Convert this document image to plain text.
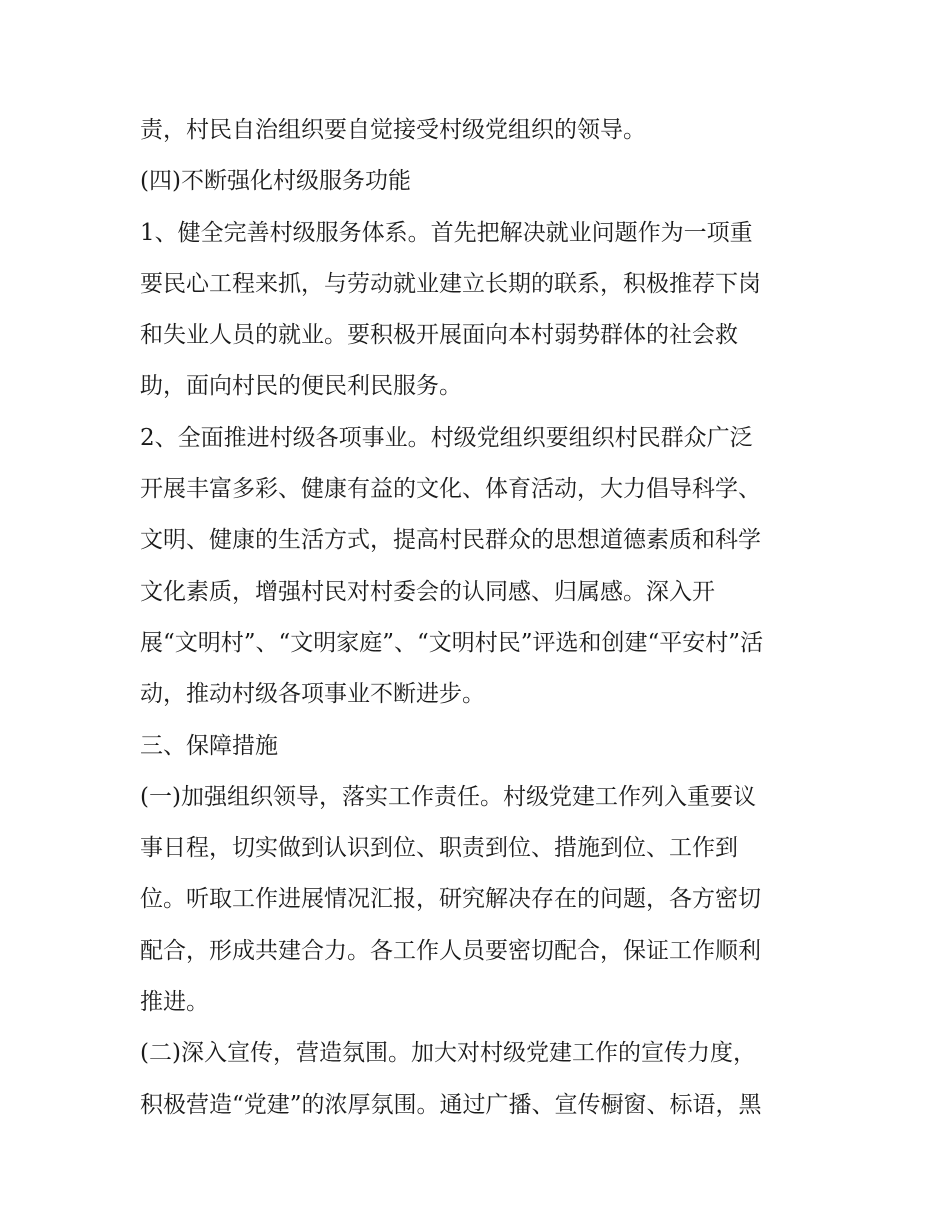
责，村民自治组织要自觉接受村级党组织的领导。
(四)不断强化村级服务功能
1、健全完善村级服务体系。首先把解决就业问题作为一项重
要民心工程来抓，与劳动就业建立长期的联系，积极推荐下岗
和失业人员的就业。要积极开展面向本村弱势群体的社会救
助，面向村民的便民利民服务。
2、全面推进村级各项事业。村级党组织要组织村民群众广泛
开展丰富多彩、健康有益的文化、体育活动，大力倡导科学、
文明、健康的生活方式，提高村民群众的思想道德素质和科学
文化素质，增强村民对村委会的认同感、归属感。深入开
展“文明村”、“文明家庭”、“文明村民”评选和创建“平安村”活
动，推动村级各项事业不断进步。
三、保障措施
(一)加强组织领导，落实工作责任。村级党建工作列入重要议
事日程，切实做到认识到位、职责到位、措施到位、工作到
位。听取工作进展情况汇报，研究解决存在的问题，各方密切
配合，形成共建合力。各工作人员要密切配合，保证工作顺利
推进。
(二)深入宣传，营造氛围。加大对村级党建工作的宣传力度，
积极营造“党建”的浓厚氛围。通过广播、宣传橱窗、标语，黑
